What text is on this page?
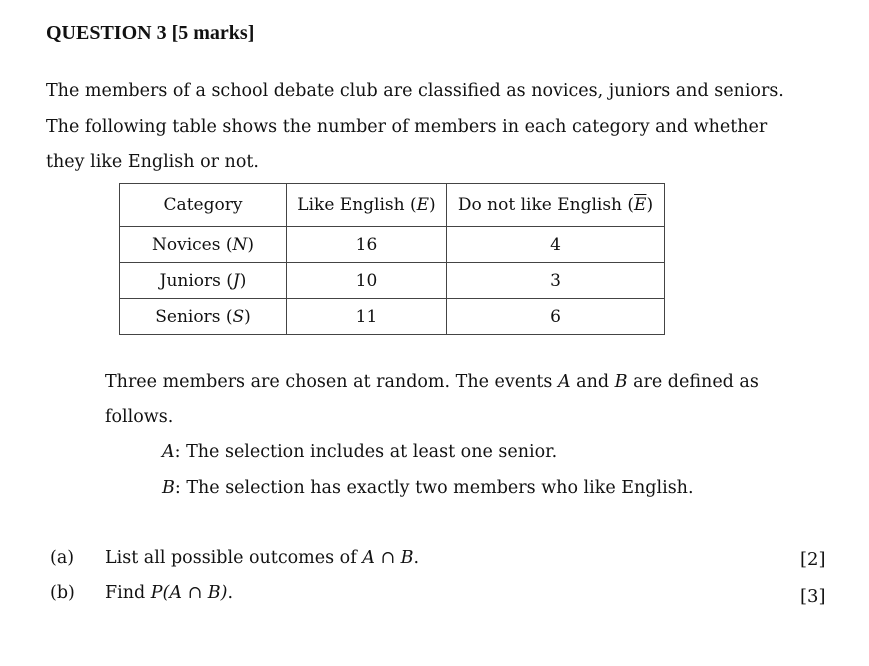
QUESTION 3 [5 marks]
The members of a school debate club are classified as novices, juniors and seniors.
The following table shows the number of members in each category and whether
they like English or not.
Category	Like English (E)	Do not like English $(\overline{E})$
Novices (N)	16	4
Juniors (J)	10	3
Seniors (S)	11	6
Three members are chosen at random. The events A and B are defined as
follows.
A: The selection includes at least one senior.
B: The selection has exactly two members who like English.
(a) List all possible outcomes of A ∩ B.	[2]
(b) Find P(A ∩ B).	[3]
